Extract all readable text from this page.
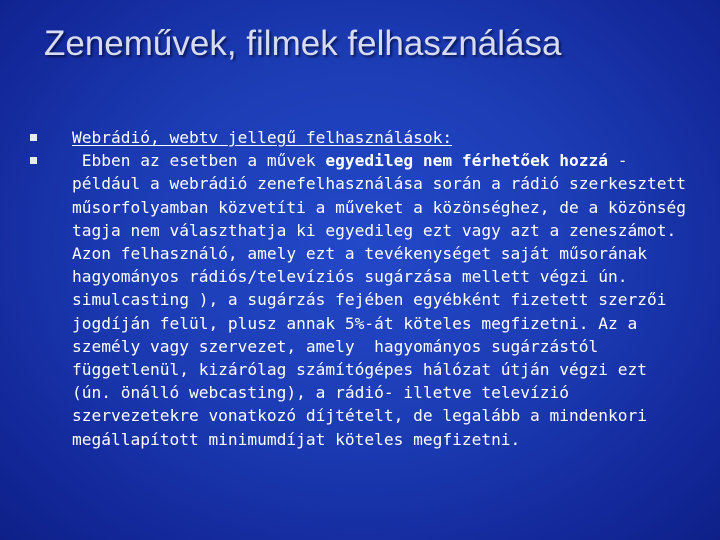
Zeneművek, filmek felhasználása
Webrádió, webtv jellegű felhasználások:
Ebben az esetben a művek egyedileg nem férhetőek hozzá - például a webrádió zenefelhasználása során a rádió szerkesztett műsorfolyamban közvetíti a műveket a közönséghez, de a közönség tagja nem választhatja ki egyedileg ezt vagy azt a zeneszámot. Azon felhasználó, amely ezt a tevékenységet saját műsorának hagyományos rádiós/televíziós sugárzása mellett végzi ún. simulcasting ), a sugárzás fejében egyébként fizetett szerzői jogdíján felül, plusz annak 5%-át köteles megfizetni. Az a személy vagy szervezet, amely  hagyományos sugárzástól függetlenül, kizárólag számítógépes hálózat útján végzi ezt (ún. önálló webcasting), a rádió- illetve televízió szervezetekre vonatkozó díjtételt, de legalább a mindenkori megállapított minimumdíjat köteles megfizetni.
